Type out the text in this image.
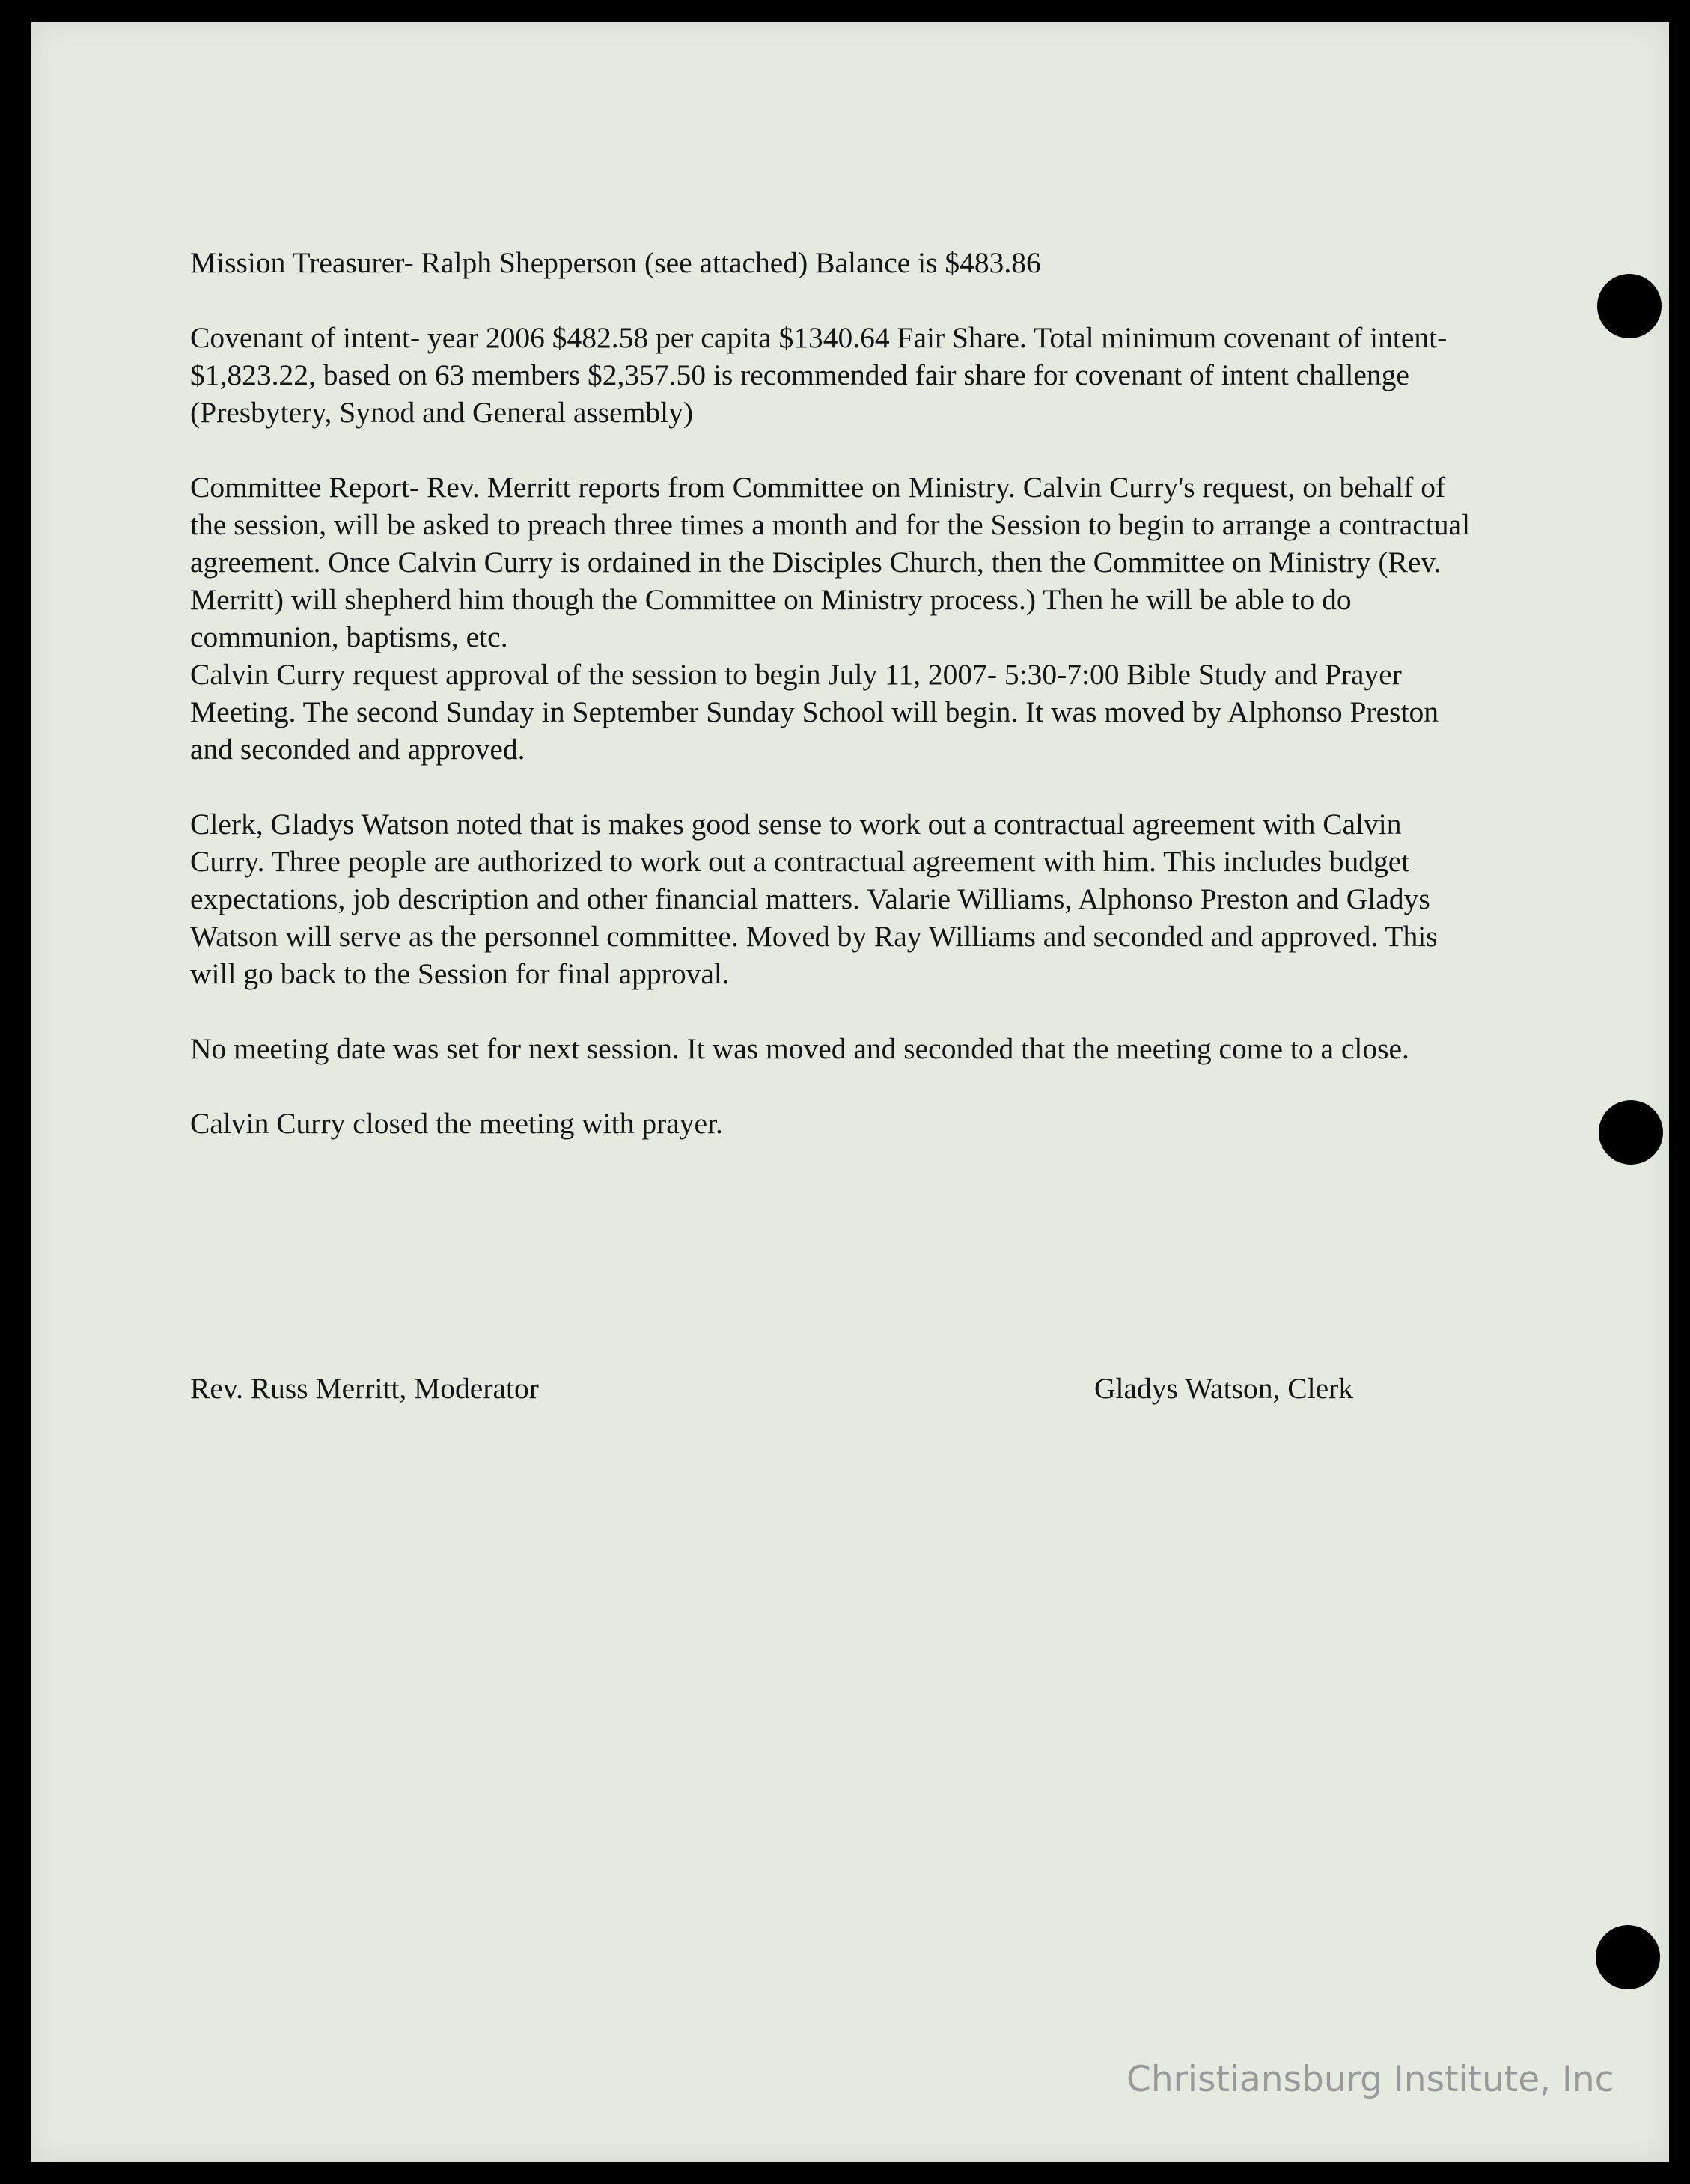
Mission Treasurer- Ralph Shepperson (see attached) Balance is $483.86

Covenant of intent- year 2006 $482.58 per capita $1340.64 Fair Share. Total minimum covenant of intent- $1,823.22, based on 63 members $2,357.50 is recommended fair share for covenant of intent challenge (Presbytery, Synod and General assembly)

Committee Report- Rev. Merritt reports from Committee on Ministry. Calvin Curry's request, on behalf of the session, will be asked to preach three times a month and for the Session to begin to arrange a contractual agreement. Once Calvin Curry is ordained in the Disciples Church, then the Committee on Ministry (Rev. Merritt) will shepherd him though the Committee on Ministry process.) Then he will be able to do communion, baptisms, etc.

Calvin Curry request approval of the session to begin July 11, 2007- 5:30-7:00 Bible Study and Prayer Meeting. The second Sunday in September Sunday School will begin. It was moved by Alphonso Preston and seconded and approved.

Clerk, Gladys Watson noted that is makes good sense to work out a contractual agreement with Calvin Curry. Three people are authorized to work out a contractual agreement with him. This includes budget expectations, job description and other financial matters. Valarie Williams, Alphonso Preston and Gladys Watson will serve as the personnel committee. Moved by Ray Williams and seconded and approved. This will go back to the Session for final approval.

No meeting date was set for next session. It was moved and seconded that the meeting come to a close.

Calvin Curry closed the meeting with prayer.

Rev. Russ Merritt, Moderator	Gladys Watson, Clerk
Christiansburg Institute, Inc
